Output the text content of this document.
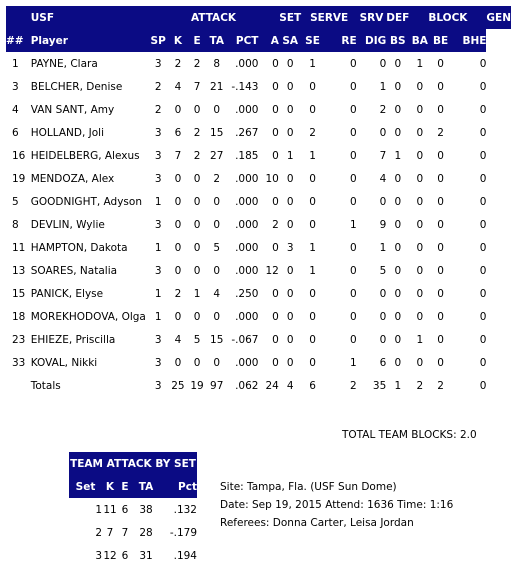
	USF		ATTACK					SET	SERVE		SRV	DEF	BLOCK			GEN
##	Player	SP	K	E	TA	PCT	A	SA	SE	RE	DIG	BS	BA	BE	BHE	
1	PAYNE, Clara	3	2	2	8	.000	0	0	1	0	0	0	1	0	0	
3	BELCHER, Denise	2	4	7	21	-.143	0	0	0	0	1	0	0	0	0	
4	VAN SANT, Amy	2	0	0	0	.000	0	0	0	0	2	0	0	0	0	
6	HOLLAND, Joli	3	6	2	15	.267	0	0	2	0	0	0	0	2	0	
16	HEIDELBERG, Alexus	3	7	2	27	.185	0	1	1	0	7	1	0	0	0	
19	MENDOZA, Alex	3	0	0	2	.000	10	0	0	0	4	0	0	0	0	
5	GOODNIGHT, Adyson	1	0	0	0	.000	0	0	0	0	0	0	0	0	0	
8	DEVLIN, Wylie	3	0	0	0	.000	2	0	0	1	9	0	0	0	0	
11	HAMPTON, Dakota	1	0	0	5	.000	0	3	1	0	1	0	0	0	0	
13	SOARES, Natalia	3	0	0	0	.000	12	0	1	0	5	0	0	0	0	
15	PANICK, Elyse	1	2	1	4	.250	0	0	0	0	0	0	0	0	0	
18	MOREKHODOVA, Olga	1	0	0	0	.000	0	0	0	0	0	0	0	0	0	
23	EHIEZE, Priscilla	3	4	5	15	-.067	0	0	0	0	0	0	1	0	0	
33	KOVAL, Nikki	3	0	0	0	.000	0	0	0	1	6	0	0	0	0	
	Totals	3	25	19	97	.062	24	4	6	2	35	1	2	2	0	
TOTAL TEAM BLOCKS: 2.0
TEAM ATTACK BY SET				
Set	K	E	TA	Pct
1	11	6	38	.132
2	7	7	28	-.179
3	12	6	31	.194
Site: Tampa, Fla. (USF Sun Dome)
Date: Sep 19, 2015 Attend: 1636 Time: 1:16
Referees: Donna Carter, Leisa Jordan
